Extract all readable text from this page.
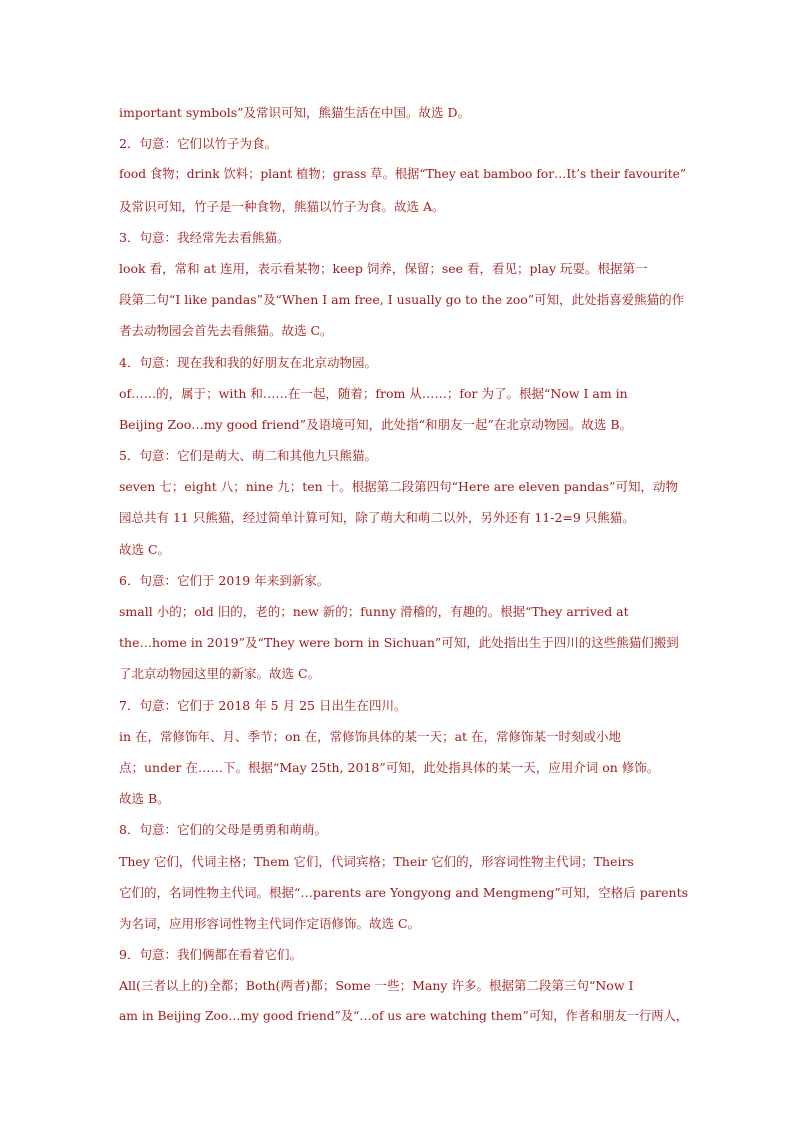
important symbols”及常识可知，熊猫生活在中国。故选 D。
2．句意：它们以竹子为食。
food 食物；drink 饮料；plant 植物；grass 草。根据“They eat bamboo for…It’s their favourite”
及常识可知，竹子是一种食物，熊猫以竹子为食。故选 A。
3．句意：我经常先去看熊猫。
look 看，常和 at 连用，表示看某物；keep 饲养，保留；see 看，看见；play 玩耍。根据第一
段第二句“I like pandas”及“When I am free, I usually go to the zoo”可知，此处指喜爱熊猫的作
者去动物园会首先去看熊猫。故选 C。
4．句意：现在我和我的好朋友在北京动物园。
of……的，属于；with 和……在一起，随着；from 从……；for 为了。根据“Now I am in
Beijing Zoo…my good friend”及语境可知，此处指“和朋友一起”在北京动物园。故选 B。
5．句意：它们是萌大、萌二和其他九只熊猫。
seven 七；eight 八；nine 九；ten 十。根据第二段第四句“Here are eleven pandas”可知，动物
园总共有 11 只熊猫，经过简单计算可知，除了萌大和萌二以外，另外还有 11-2=9 只熊猫。
故选 C。
6．句意：它们于 2019 年来到新家。
small 小的；old 旧的，老的；new 新的；funny 滑稽的，有趣的。根据“They arrived at
the…home in 2019”及“They were born in Sichuan”可知，此处指出生于四川的这些熊猫们搬到
了北京动物园这里的新家。故选 C。
7．句意：它们于 2018 年 5 月 25 日出生在四川。
in 在，常修饰年、月、季节；on 在，常修饰具体的某一天；at 在，常修饰某一时刻或小地
点；under 在……下。根据“May 25th, 2018”可知，此处指具体的某一天，应用介词 on 修饰。
故选 B。
8．句意：它们的父母是勇勇和萌萌。
They 它们，代词主格；Them 它们，代词宾格；Their 它们的，形容词性物主代词；Theirs
它们的，名词性物主代词。根据“…parents are Yongyong and Mengmeng”可知，空格后 parents
为名词，应用形容词性物主代词作定语修饰。故选 C。
9．句意：我们俩都在看着它们。
All(三者以上的)全都；Both(两者)都；Some 一些；Many 许多。根据第二段第三句“Now I
am in Beijing Zoo…my good friend”及“…of us are watching them”可知，作者和朋友一行两人，
